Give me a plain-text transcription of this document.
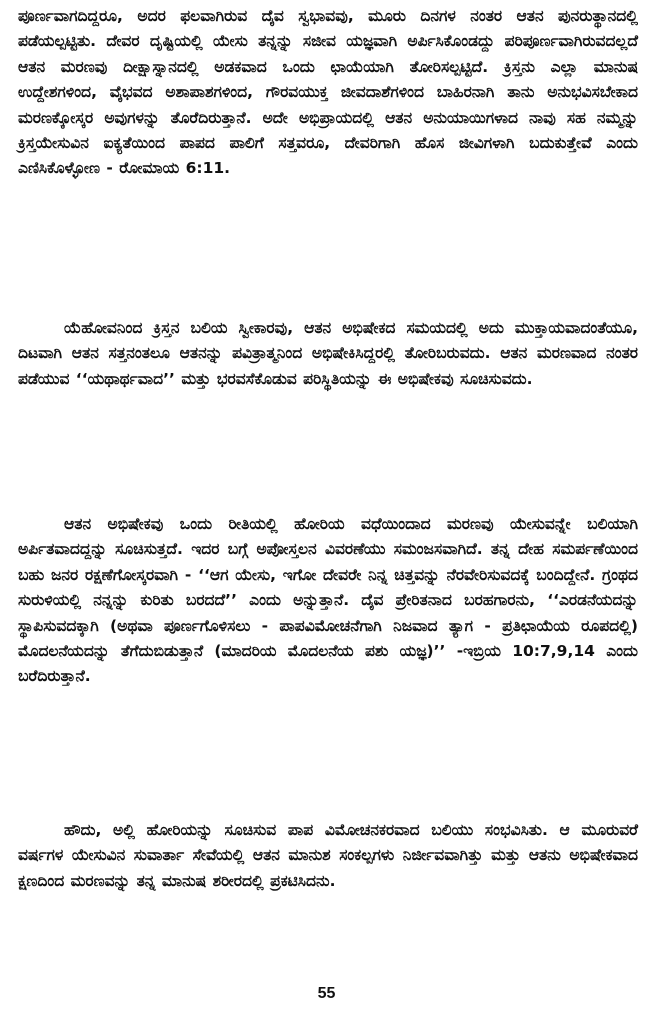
ಪೂರ್ಣವಾಗದಿದ್ದರೂ, ಅದರ ಫಲವಾಗಿರುವ ದೈವ ಸ್ವಭಾವವು, ಮೂರು ದಿನಗಳ ನಂತರ ಆತನ ಪುನರುತ್ಥಾನದಲ್ಲಿ ಪಡೆಯಲ್ಪಟ್ಟಿತು. ದೇವರ ದೃಷ್ಟಿಯಲ್ಲಿ ಯೇಸು ತನ್ನನ್ನು ಸಜೀವ ಯಜ್ಞವಾಗಿ ಅರ್ಪಿಸಿಕೊಂಡದ್ದು ಪರಿಪೂರ್ಣವಾಗಿರುವದಲ್ಲದೆ ಆತನ ಮರಣವು ದೀಕ್ಷಾಸ್ನಾನದಲ್ಲಿ ಅಡಕವಾದ ಒಂದು ಛಾಯೆಯಾಗಿ ತೋರಿಸಲ್ಪಟ್ಟಿದೆ. ಕ್ರಿಸ್ತನು ಎಲ್ಲಾ ಮಾನುಷ ಉದ್ದೇಶಗಳಿಂದ, ವೈಭವದ ಅಶಾಪಾಶಗಳಿಂದ, ಗೌರವಯುಕ್ತ ಜೀವದಾಶೆಗಳಿಂದ ಬಾಹಿರನಾಗಿ ತಾನು ಅನುಭವಿಸಬೇಕಾದ ಮರಣಕ್ಕೋಸ್ಕರ ಅವುಗಳನ್ನು ತೊರೆದಿರುತ್ತಾನೆ. ಅದೇ ಅಭಿಪ್ರಾಯದಲ್ಲಿ ಆತನ ಅನುಯಾಯಿಗಳಾದ ನಾವು ಸಹ ನಮ್ಮನ್ನು ಕ್ರಿಸ್ತಯೇಸುವಿನ ಐಕ್ಯತೆಯಿಂದ ಪಾಪದ ಪಾಲಿಗೆ ಸತ್ತವರೂ, ದೇವರಿಗಾಗಿ ಹೊಸ ಜೀವಿಗಳಾಗಿ ಬದುಕುತ್ತೇವೆ ಎಂದು ಎಣಿಸಿಕೊಳ್ಳೋಣ - ರೋಮಾಯ 6:11.

ಯೆಹೋವನಿಂದ ಕ್ರಿಸ್ತನ ಬಲಿಯ ಸ್ವೀಕಾರವು, ಆತನ ಅಭಿಷೇಕದ ಸಮಯದಲ್ಲಿ ಅದು ಮುಕ್ತಾಯವಾದಂತೆಯೂ, ದಿಟವಾಗಿ ಆತನ ಸತ್ತನಂತಲೂ ಆತನನ್ನು ಪವಿತ್ರಾತ್ಮನಿಂದ ಅಭಿಷೇಕಿಸಿದ್ದರಲ್ಲಿ ತೋರಿಬರುವದು. ಆತನ ಮರಣವಾದ ನಂತರ ಪಡೆಯುವ ‘‘ಯಥಾರ್ಥವಾದ’’ ಮತ್ತು ಭರವಸೆಕೊಡುವ ಪರಿಸ್ಥಿತಿಯನ್ನು ಈ ಅಭಿಷೇಕವು ಸೂಚಿಸುವದು.

ಆತನ ಅಭಿಷೇಕವು ಒಂದು ರೀತಿಯಲ್ಲಿ ಹೋರಿಯ ವಧೆಯಿಂದಾದ ಮರಣವು ಯೇಸುವನ್ನೇ ಬಲಿಯಾಗಿ ಅರ್ಪಿತವಾದದ್ದನ್ನು ಸೂಚಿಸುತ್ತದೆ. ಇದರ ಬಗ್ಗೆ ಅಪೋಸ್ತಲನ ವಿವರಣೆಯು ಸಮಂಜಸವಾಗಿದೆ. ತನ್ನ ದೇಹ ಸಮರ್ಪಣೆಯಿಂದ ಬಹು ಜನರ ರಕ್ಷಣೆಗೋಸ್ಕರವಾಗಿ - ‘‘ಆಗ ಯೇಸು, ಇಗೋ ದೇವರೇ ನಿನ್ನ ಚಿತ್ತವನ್ನು ನೆರವೇರಿಸುವದಕ್ಕೆ ಬಂದಿದ್ದೇನೆ. ಗ್ರಂಥದ ಸುರುಳಿಯಲ್ಲಿ ನನ್ನನ್ನು ಕುರಿತು ಬರದದೆ’’ ಎಂದು ಅನ್ನುತ್ತಾನೆ. ದೈವ ಪ್ರೇರಿತನಾದ ಬರಹಗಾರನು, ‘‘ಎರಡನೆಯದನ್ನು ಸ್ಥಾಪಿಸುವದಕ್ಕಾಗಿ (ಅಥವಾ ಪೂರ್ಣಗೊಳಿಸಲು - ಪಾಪವಿಮೋಚನೆಗಾಗಿ ನಿಜವಾದ ತ್ಯಾಗ - ಪ್ರತಿಛಾಯೆಯ ರೂಪದಲ್ಲಿ) ಮೊದಲನೆಯದನ್ನು ತೆಗೆದುಬಿಡುತ್ತಾನೆ (ಮಾದರಿಯ ಮೊದಲನೆಯ ಪಶು ಯಜ್ಞ)’’ -ಇಬ್ರಿಯ 10:7,9,14 ಎಂದು ಬರೆದಿರುತ್ತಾನೆ.

ಹೌದು, ಅಲ್ಲಿ ಹೋರಿಯನ್ನು ಸೂಚಿಸುವ ಪಾಪ ವಿಮೋಚನಕರವಾದ ಬಲಿಯು ಸಂಭವಿಸಿತು. ಆ ಮೂರುವರೆ ವರ್ಷಗಳ ಯೇಸುವಿನ ಸುವಾರ್ತಾ ಸೇವೆಯಲ್ಲಿ ಆತನ ಮಾನುಶ ಸಂಕಲ್ಪಗಳು ನಿರ್ಜೀವವಾಗಿತ್ತು ಮತ್ತು ಆತನು ಅಭಿಷೇಕವಾದ ಕ್ಷಣದಿಂದ ಮರಣವನ್ನು ತನ್ನ ಮಾನುಷ ಶರೀರದಲ್ಲಿ ಪ್ರಕಟಿಸಿದನು.

55
